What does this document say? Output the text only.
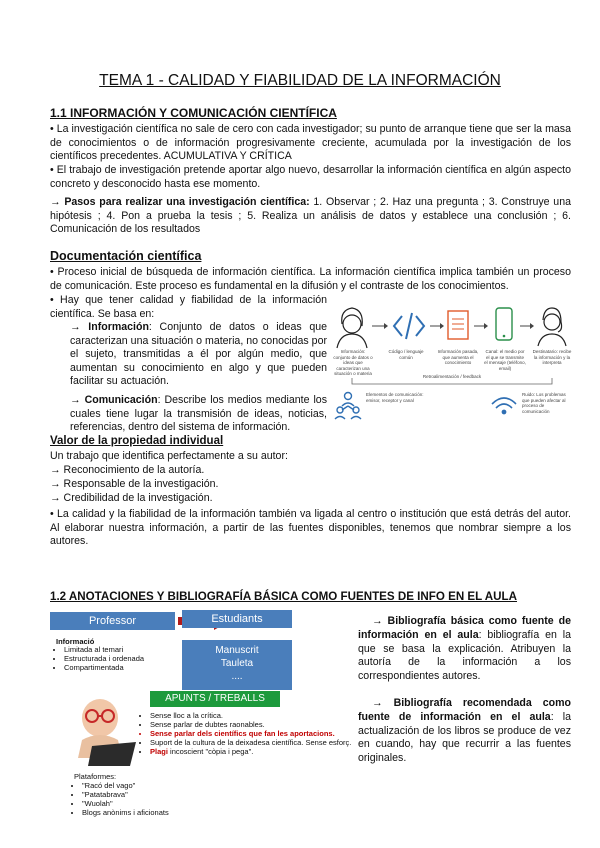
TEMA 1 - CALIDAD Y FIABILIDAD DE LA INFORMACIÓN
1.1 INFORMACIÓN Y COMUNICACIÓN CIENTÍFICA

• La investigación científica no sale de cero con cada investigador; su punto de arranque tiene que ser la masa de conocimientos o de información progresivamente creciente, acumulada por la investigación de los científicos precedentes. ACUMULATIVA Y CRÍTICA

• El trabajo de investigación pretende aportar algo nuevo, desarrollar la información científica en algún aspecto concreto y desconocido hasta ese momento.

→ Pasos para realizar una investigación científica: 1. Observar ; 2. Haz una pregunta ; 3. Construye una hipótesis ; 4. Pon a prueba la tesis ; 5. Realiza un análisis de datos y establece una conclusión ; 6. Comunicación de los resultados

Documentación científica

• Proceso inicial de búsqueda de información científica. La información científica implica también un proceso de comunicación. Este proceso es fundamental en la difusión y el contraste de los conocimientos.

• Hay que tener calidad y fiabilidad de la información científica. Se basa en:

→ Información: Conjunto de datos o ideas que caracterizan una situación o materia, no conocidas por el sujeto, transmitidas a él por algún medio, que aumentan su conocimiento en algo y que pueden facilitar su actuación.

→ Comunicación: Describe los medios mediante los cuales tiene lugar la transmisión de ideas, noticias, referencias, dentro del sistema de información.

Información: conjunto de datos o ideas que caracterizan una situación o materia
Código / lenguaje común
Información pasada, que aumenta el conocimiento
Canal: el medio por el que se transmite el mensaje (teléfono, email)
Destinatario: recibe la información y la interpreta
Retroalimentación / feedback
Elementos de comunicación: emisor, receptor y canal
Ruido: Los problemas que pueden afectar al proceso de comunicación
Valor de la propiedad individual

Un trabajo que identifica perfectamente a su autor:

→ Reconocimiento de la autoría.

→ Responsable de la investigación.

→ Credibilidad de la investigación.

• La calidad y la fiabilidad de la información también va ligada al centro o institución que está detrás del autor. Al elaborar nuestra información, a partir de las fuentes disponibles, tenemos que nombrar siempre a los autores.

1.2 ANOTACIONES Y BIBLIOGRAFÍA BÁSICA COMO FUENTES DE INFO EN EL AULA
Professor	Estudiants
Informació
• Limitada al temari
• Estructurada i ordenada
• Compartimentada
Manuscrit
Tauleta
....
APUNTS / TREBALLS
• Sense lloc a la crítica.
• Sense parlar de dubtes raonables.
• Sense parlar dels científics que fan les aportacions.
• Suport de la cultura de la deixadesa científica. Sense esforç.
• Plagi incoscient "còpia i pega".
Plataformes:
• "Racó del vago"
• "Patatabrava"
• "Wuolah"
• Blogs anònims i aficionats

→ Bibliografía básica como fuente de información en el aula: bibliografía en la que se basa la explicación. Atribuyen la autoría de la información a los correspondientes autores.

→ Bibliografía recomendada como fuente de información en el aula: la actualización de los libros se produce de vez en cuando, hay que recurrir a las fuentes originales.
